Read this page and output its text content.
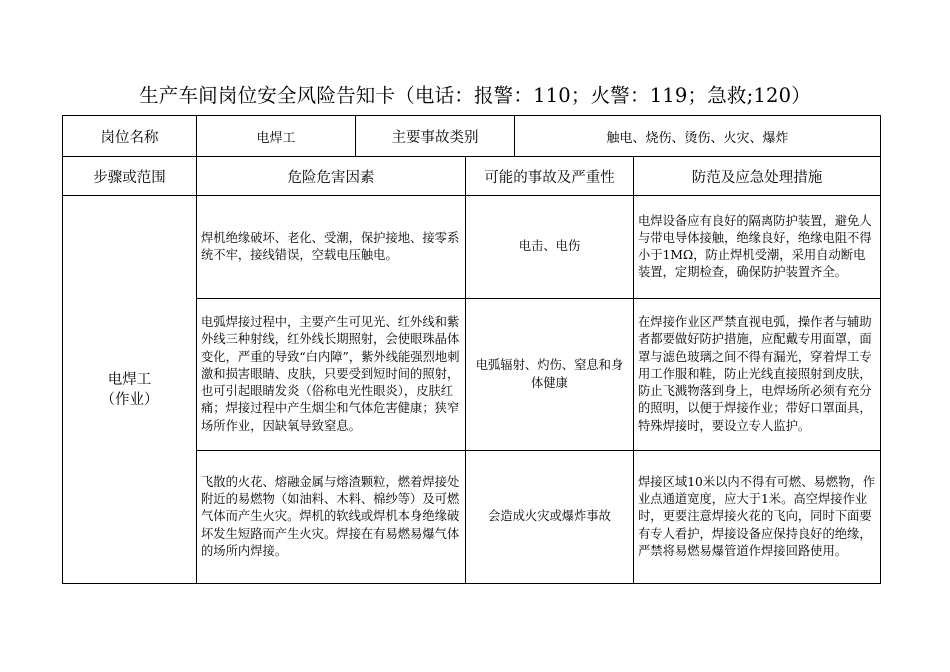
生产车间岗位安全风险告知卡（电话：报警：110；火警：119；急救;120）
岗位名称	电焊工	主要事故类别		触电、烧伤、烫伤、火灾、爆炸	
步骤或范围	危险危害因素		可能的事故及严重性		防范及应急处理措施

电焊工
（作业）	焊机绝缘破坏、老化、受潮，保护接地、接零系统不牢，接线错误，空载电压触电。		电击、电伤		电焊设备应有良好的隔离防护装置，避免人与带电导体接触，绝缘良好，绝缘电阻不得小于1MΩ，防止焊机受潮，采用自动断电装置，定期检查，确保防护装置齐全。
	电弧焊接过程中，主要产生可见光、红外线和紫外线三种射线，红外线长期照射，会使眼珠晶体变化，严重的导致“白内障”，紫外线能强烈地刺激和损害眼睛、皮肤，只要受到短时间的照射，也可引起眼睛发炎（俗称电光性眼炎），皮肤红痛；焊接过程中产生烟尘和气体危害健康；狭窄场所作业，因缺氧导致窒息。		电弧辐射、灼伤、窒息和身体健康		在焊接作业区严禁直视电弧，操作者与辅助者都要做好防护措施，应配戴专用面罩，面罩与滤色玻璃之间不得有漏光，穿着焊工专用工作服和鞋，防止光线直接照射到皮肤，防止飞溅物落到身上，电焊场所必须有充分的照明，以便于焊接作业；带好口罩面具，特殊焊接时，要设立专人监护。
	飞散的火花、熔融金属与熔渣颗粒，燃着焊接处附近的易燃物（如油料、木料、棉纱等）及可燃气体而产生火灾。焊机的软线或焊机本身绝缘破坏发生短路而产生火灾。焊接在有易燃易爆气体的场所内焊接。		会造成火灾或爆炸事故		焊接区域10米以内不得有可燃、易燃物，作业点通道宽度，应大于1米。高空焊接作业时，更要注意焊接火花的飞向，同时下面要有专人看护，焊接设备应保持良好的绝缘，严禁将易燃易爆管道作焊接回路使用。
